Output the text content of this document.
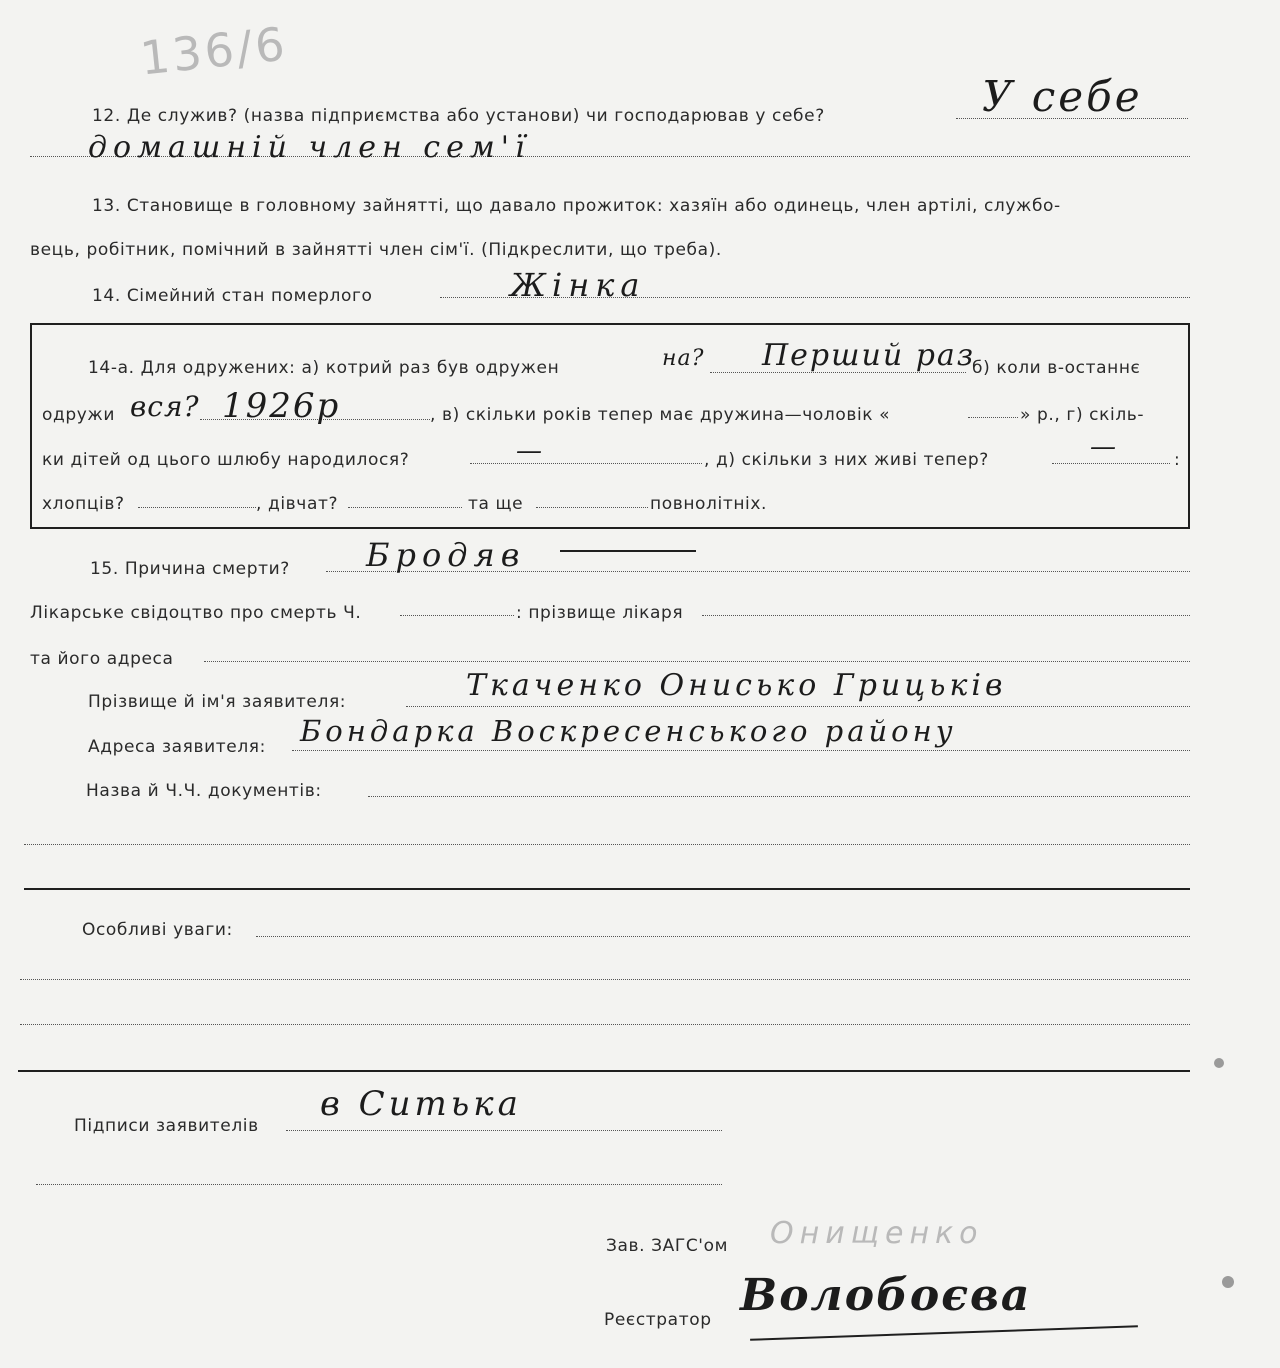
136/6
12. Де служив? (назва підприємства або установи) чи господарював у себе?	У себе
домашній член сем'ї
13. Становище в головному зайнятті, що давало прожиток: хазяїн або одинець, член артілі, службо-
вець, робітник, помічний в зайнятті член сім'ї. (Підкреслити, що треба).
14. Сімейний стан померлого	Жінка
14-а. Для одружених: а) котрий раз був одружен	на? Перший раз
б) коли в-останнє
одружи вся? 1926р	, в) скільки років тепер має дружина—чоловік «	» р., г) скіль-
ки дітей од цього шлюбу народилося?	—	, д) скільки з них живі тепер?	—	:
хлопців?	, дівчат?	та ще	повнолітніх.
15. Причина смерти? Бродяв
Лікарське свідоцтво про смерть Ч.	: прізвище лікаря
та його адреса
Прізвище й ім'я заявителя:	Ткаченко Онисько Грицьків
Адреса заявителя: Бондарка Воскресенського району
Назва й Ч.Ч. документів:
Особливі уваги:
Підписи заявителів
в Ситька
Зав. ЗАГС'ом Онищенко
Реєстратор Волобоєва
